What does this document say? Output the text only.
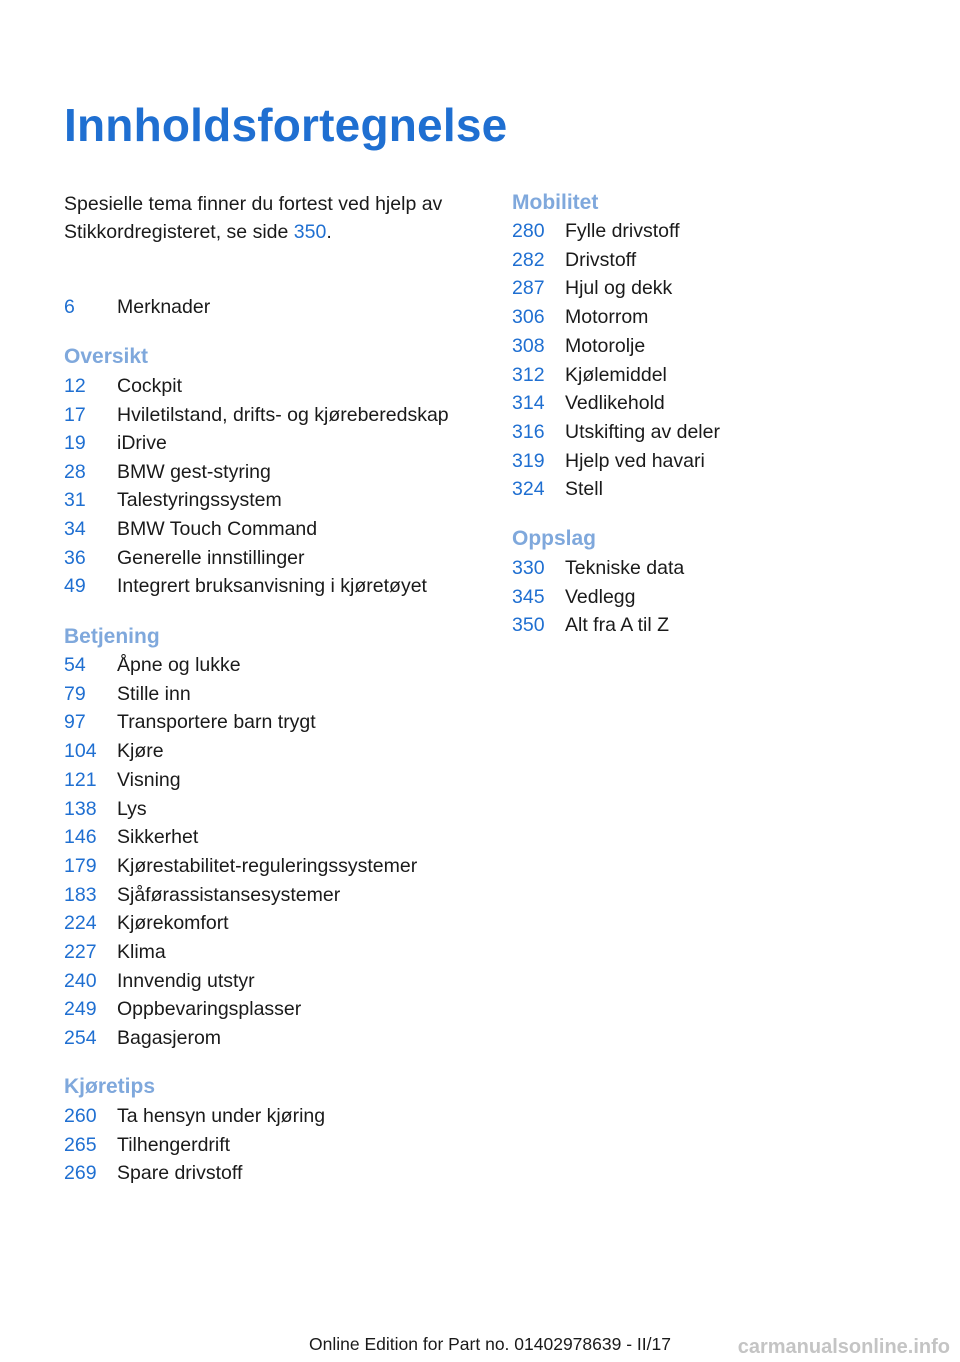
Innholdsfortegnelse
Spesielle tema finner du fortest ved hjelp av Stikkordregisteret, se side 350.
6 Merknader
Oversikt
12 Cockpit
17 Hviletilstand, drifts- og kjøreberedskap
19 iDrive
28 BMW gest-styring
31 Talestyringssystem
34 BMW Touch Command
36 Generelle innstillinger
49 Integrert bruksanvisning i kjøretøyet
Betjening
54 Åpne og lukke
79 Stille inn
97 Transportere barn trygt
104 Kjøre
121 Visning
138 Lys
146 Sikkerhet
179 Kjørestabilitet-reguleringssystemer
183 Sjåførassistansesystemer
224 Kjørekomfort
227 Klima
240 Innvendig utstyr
249 Oppbevaringsplasser
254 Bagasjerom
Kjøretips
260 Ta hensyn under kjøring
265 Tilhengerdrift
269 Spare drivstoff
Mobilitet
280 Fylle drivstoff
282 Drivstoff
287 Hjul og dekk
306 Motorrom
308 Motorolje
312 Kjølemiddel
314 Vedlikehold
316 Utskifting av deler
319 Hjelp ved havari
324 Stell
Oppslag
330 Tekniske data
345 Vedlegg
350 Alt fra A til Z
Online Edition for Part no. 01402978639 - II/17	carmanualsonline.info
